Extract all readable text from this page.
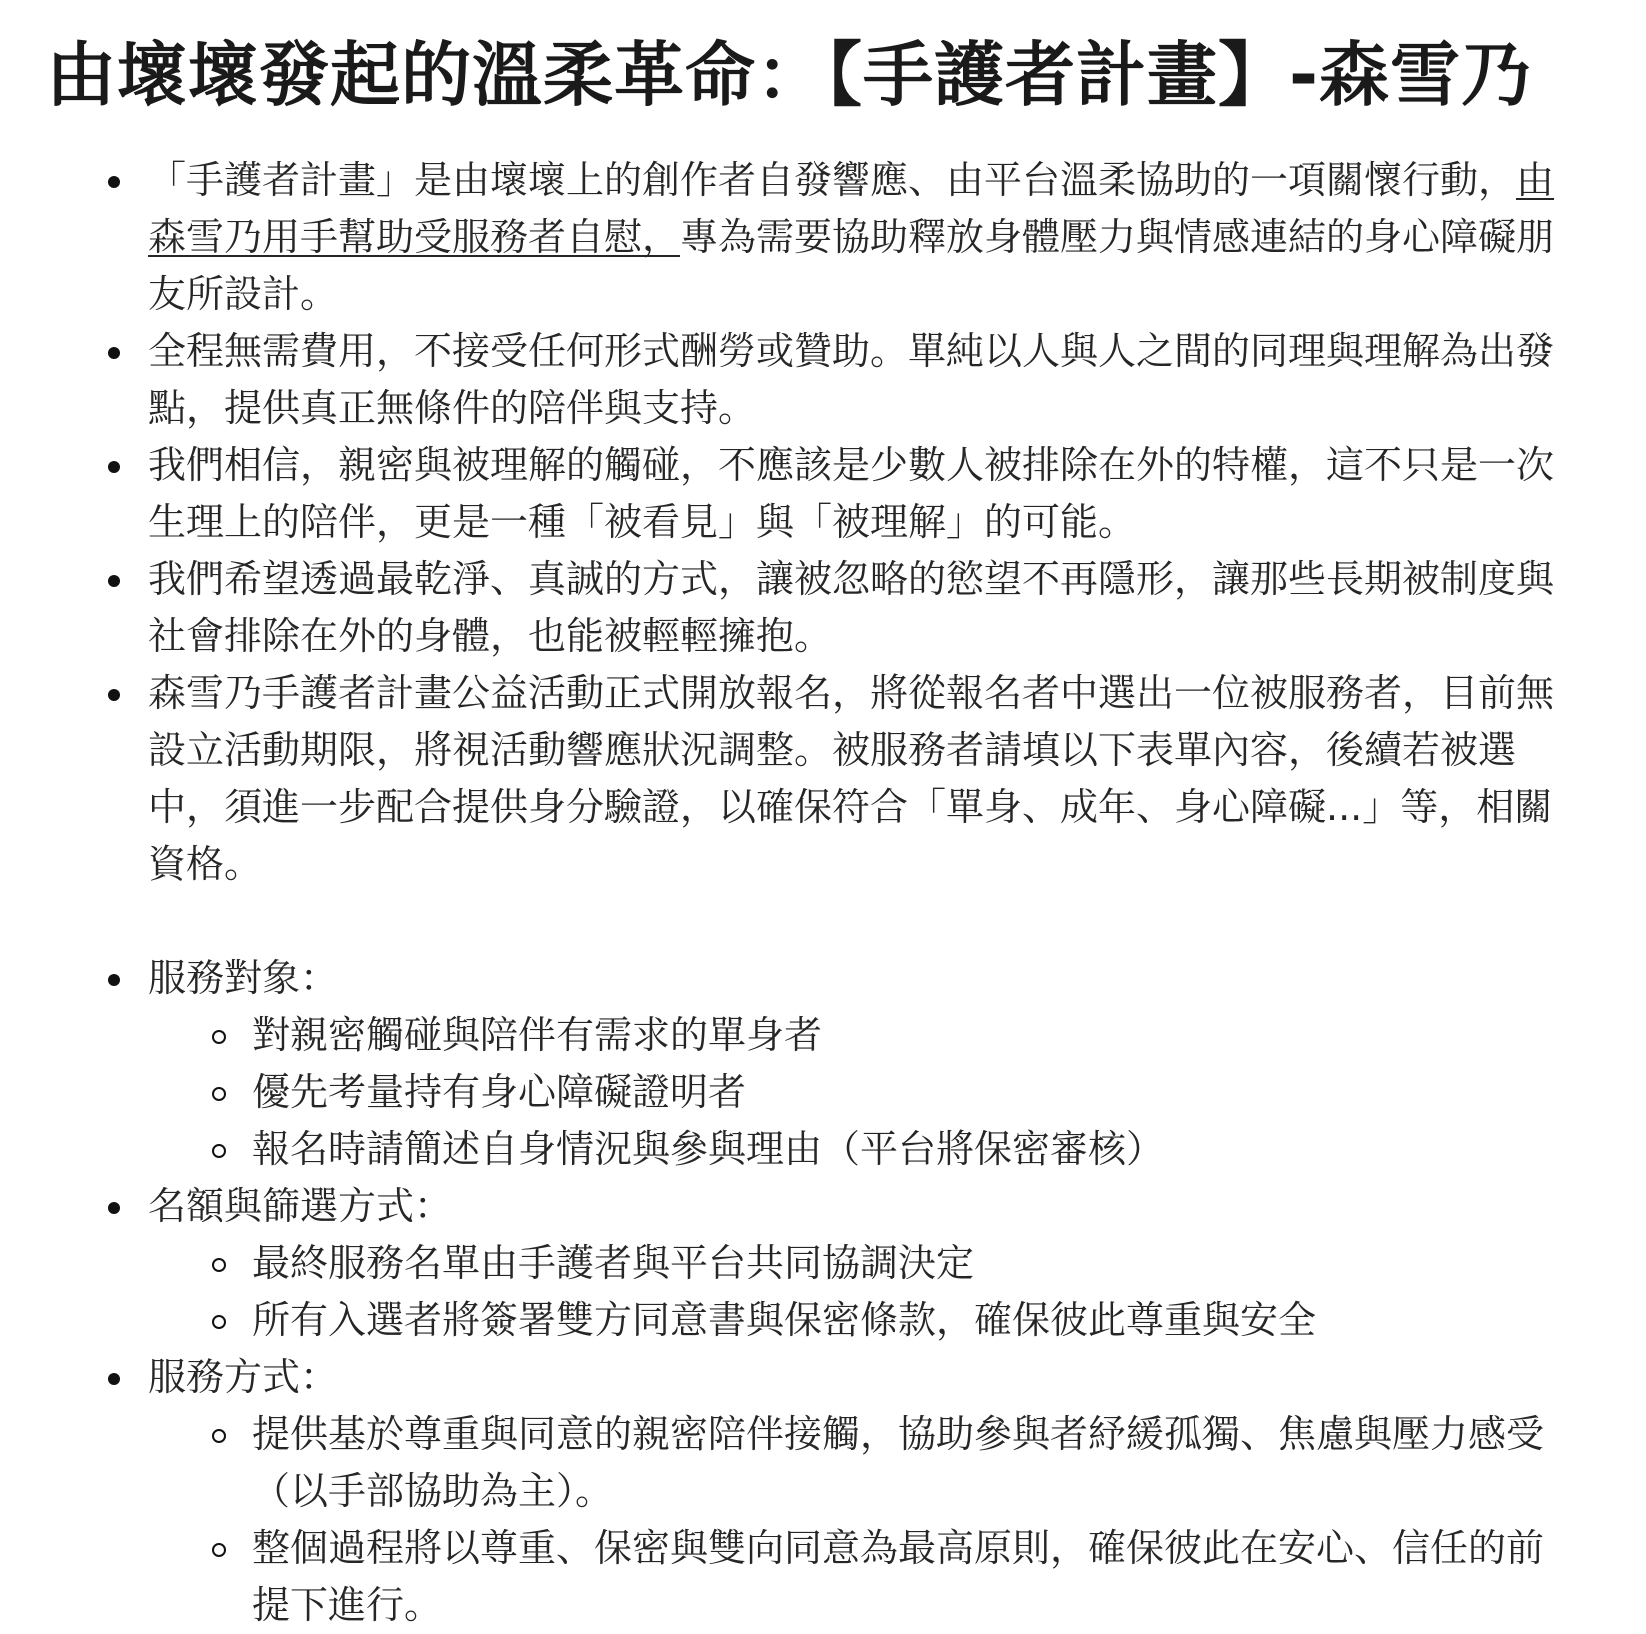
由壞壞發起的溫柔革命：【手護者計畫】-森雪乃
「手護者計畫」是由壞壞上的創作者自發響應、由平台溫柔協助的一項關懷行動，由森雪乃用手幫助受服務者自慰，專為需要協助釋放身體壓力與情感連結的身心障礙朋友所設計。
全程無需費用，不接受任何形式酬勞或贊助。單純以人與人之間的同理與理解為出發點，提供真正無條件的陪伴與支持。
我們相信，親密與被理解的觸碰，不應該是少數人被排除在外的特權，這不只是一次生理上的陪伴，更是一種「被看見」與「被理解」的可能。
我們希望透過最乾淨、真誠的方式，讓被忽略的慾望不再隱形，讓那些長期被制度與社會排除在外的身體，也能被輕輕擁抱。
森雪乃手護者計畫公益活動正式開放報名，將從報名者中選出一位被服務者，目前無設立活動期限，將視活動響應狀況調整。被服務者請填以下表單內容，後續若被選中，須進一步配合提供身分驗證，以確保符合「單身、成年、身心障礙...」等，相關資格。
服務對象：
對親密觸碰與陪伴有需求的單身者
優先考量持有身心障礙證明者
報名時請簡述自身情況與參與理由（平台將保密審核）
名額與篩選方式：
最終服務名單由手護者與平台共同協調決定
所有入選者將簽署雙方同意書與保密條款，確保彼此尊重與安全
服務方式：
提供基於尊重與同意的親密陪伴接觸，協助參與者紓緩孤獨、焦慮與壓力感受（以手部協助為主）。
整個過程將以尊重、保密與雙向同意為最高原則，確保彼此在安心、信任的前提下進行。
